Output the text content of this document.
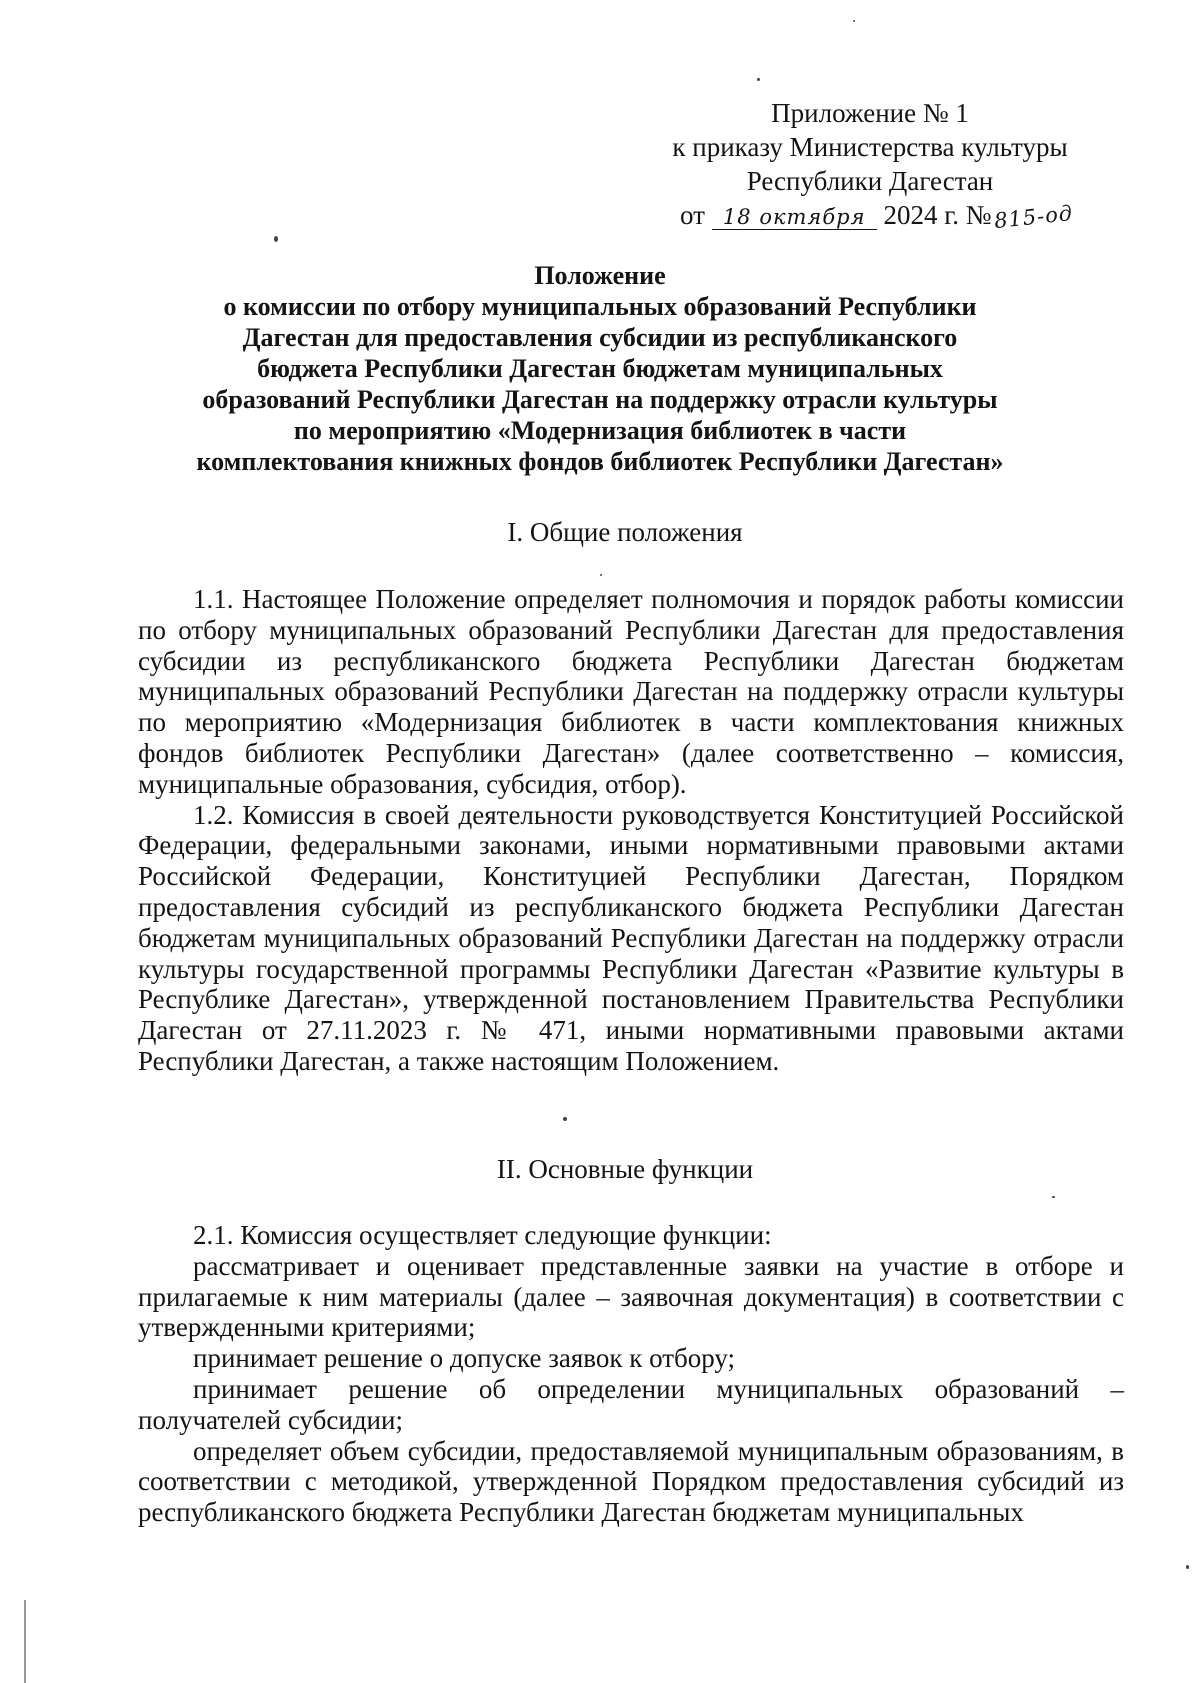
Приложение № 1
к приказу Министерства культуры
Республики Дагестан
от 18 октября 2024 г. №815-од
Положение
о комиссии по отбору муниципальных образований Республики
Дагестан для предоставления субсидии из республиканского
бюджета Республики Дагестан бюджетам муниципальных
образований Республики Дагестан на поддержку отрасли культуры
по мероприятию «Модернизация библиотек в части
комплектования книжных фондов библиотек Республики Дагестан»
I. Общие положения

1.1. Настоящее Положение определяет полномочия и порядок работы комиссии по отбору муниципальных образований Республики Дагестан для предоставления субсидии из республиканского бюджета Республики Дагестан бюджетам муниципальных образований Республики Дагестан на поддержку отрасли культуры по мероприятию «Модернизация библиотек в части комплектования книжных фондов библиотек Республики Дагестан» (далее соответственно – комиссия, муниципальные образования, субсидия, отбор).

1.2. Комиссия в своей деятельности руководствуется Конституцией Российской Федерации, федеральными законами, иными нормативными правовыми актами Российской Федерации, Конституцией Республики Дагестан, Порядком предоставления субсидий из республиканского бюджета Республики Дагестан бюджетам муниципальных образований Республики Дагестан на поддержку отрасли культуры государственной программы Республики Дагестан «Развитие культуры в Республике Дагестан», утвержденной постановлением Правительства Республики Дагестан от 27.11.2023 г. № 471, иными нормативными правовыми актами Республики Дагестан, а также настоящим Положением.

II. Основные функции

2.1. Комиссия осуществляет следующие функции:

рассматривает и оценивает представленные заявки на участие в отборе и прилагаемые к ним материалы (далее – заявочная документация) в соответствии с утвержденными критериями;

принимает решение о допуске заявок к отбору;

принимает решение об определении муниципальных образований – получателей субсидии;

определяет объем субсидии, предоставляемой муниципальным образованиям, в соответствии с методикой, утвержденной Порядком предоставления субсидий из республиканского бюджета Республики Дагестан бюджетам муниципальных
